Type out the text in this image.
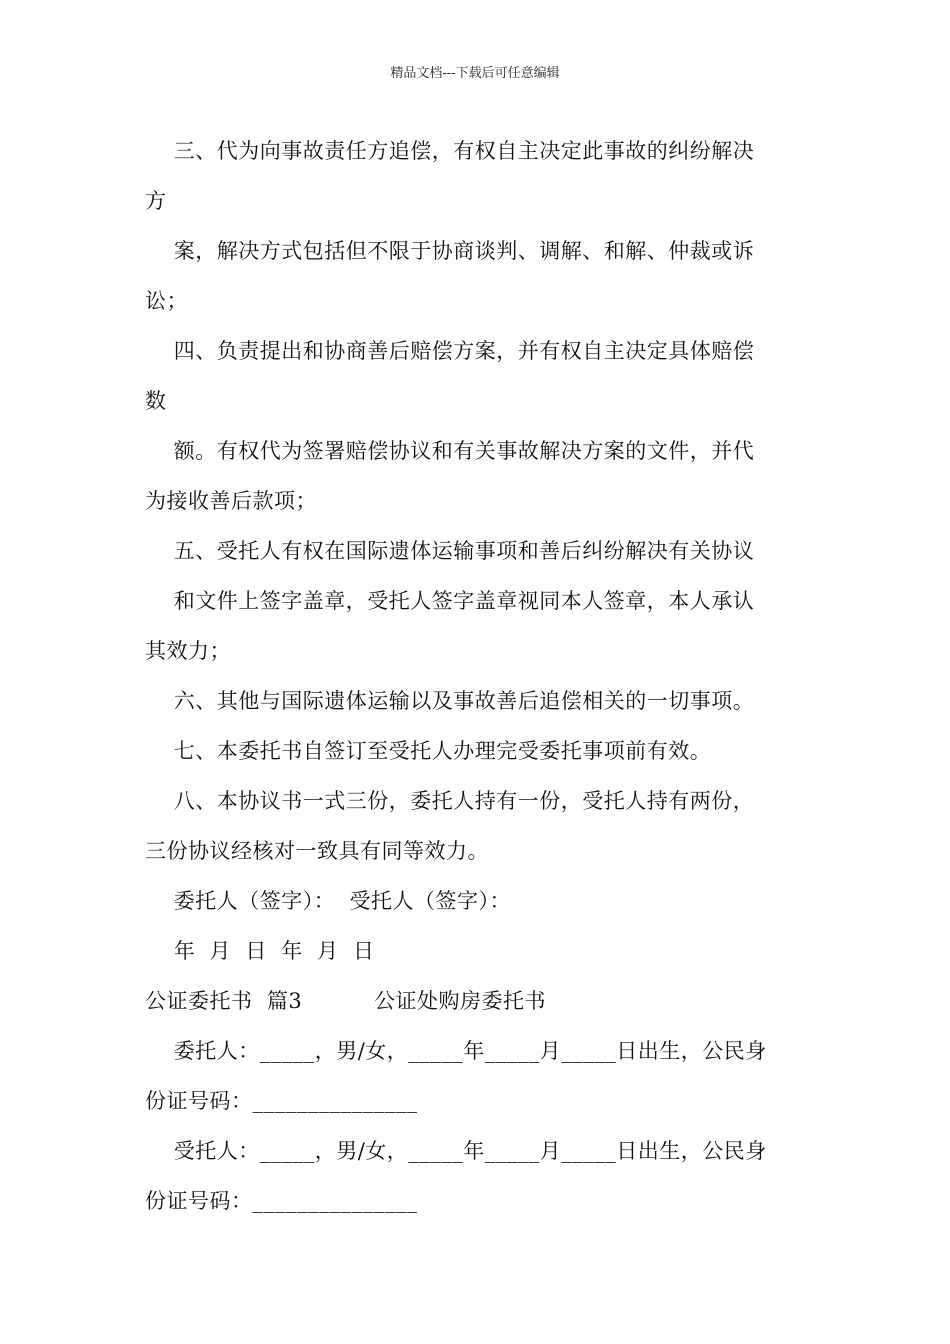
精品文档---下载后可任意编辑
三、代为向事故责任方追偿，有权自主决定此事故的纠纷解决
方
案，解决方式包括但不限于协商谈判、调解、和解、仲裁或诉
讼；
四、负责提出和协商善后赔偿方案，并有权自主决定具体赔偿
数
额。有权代为签署赔偿协议和有关事故解决方案的文件，并代
为接收善后款项；
五、受托人有权在国际遗体运输事项和善后纠纷解决有关协议
和文件上签字盖章，受托人签字盖章视同本人签章，本人承认
其效力；
六、其他与国际遗体运输以及事故善后追偿相关的一切事项。
七、本委托书自签订至受托人办理完受委托事项前有效。
八、本协议书一式三份，委托人持有一份，受托人持有两份，
三份协议经核对一致具有同等效力。
委托人（签字）：  受托人（签字）：
年  月  日  年  月  日
公证委托书  篇3          公证处购房委托书
委托人：_____，男/女，_____年_____月_____日出生，公民身
份证号码：_______________
受托人：_____，男/女，_____年_____月_____日出生，公民身
份证号码：_______________
